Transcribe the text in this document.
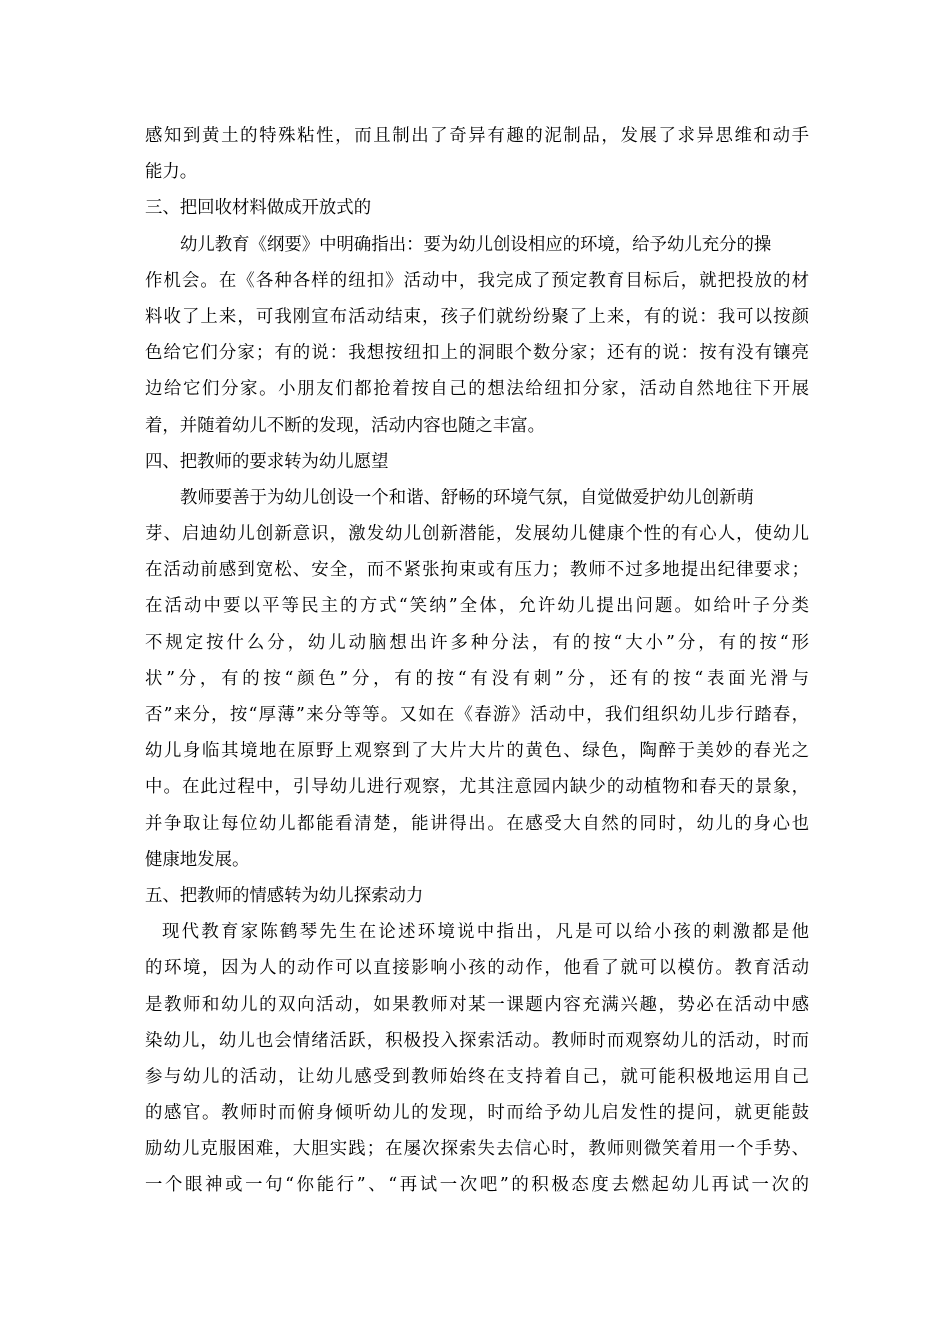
感知到黄土的特殊粘性，而且制出了奇异有趣的泥制品，发展了求异思维和动手
能力。
三、把回收材料做成开放式的
幼儿教育《纲要》中明确指出：要为幼儿创设相应的环境，给予幼儿充分的操
作机会。在《各种各样的纽扣》活动中，我完成了预定教育目标后，就把投放的材
料收了上来，可我刚宣布活动结束，孩子们就纷纷聚了上来，有的说：我可以按颜
色给它们分家；有的说：我想按纽扣上的洞眼个数分家；还有的说：按有没有镶亮
边给它们分家。小朋友们都抢着按自己的想法给纽扣分家，活动自然地往下开展
着，并随着幼儿不断的发现，活动内容也随之丰富。
四、把教师的要求转为幼儿愿望
教师要善于为幼儿创设一个和谐、舒畅的环境气氛，自觉做爱护幼儿创新萌
芽、启迪幼儿创新意识，激发幼儿创新潜能，发展幼儿健康个性的有心人，使幼儿
在活动前感到宽松、安全，而不紧张拘束或有压力；教师不过多地提出纪律要求；
在活动中要以平等民主的方式“笑纳”全体，允许幼儿提出问题。如给叶子分类
不规定按什么分，幼儿动脑想出许多种分法，有的按“大小”分，有的按“形
状”分，有的按“颜色”分，有的按“有没有刺”分，还有的按“表面光滑与
否”来分，按“厚薄”来分等等。又如在《春游》活动中，我们组织幼儿步行踏春，
幼儿身临其境地在原野上观察到了大片大片的黄色、绿色，陶醉于美妙的春光之
中。在此过程中，引导幼儿进行观察，尤其注意园内缺少的动植物和春天的景象，
并争取让每位幼儿都能看清楚，能讲得出。在感受大自然的同时，幼儿的身心也
健康地发展。
五、把教师的情感转为幼儿探索动力
现代教育家陈鹤琴先生在论述环境说中指出，凡是可以给小孩的刺激都是他
的环境，因为人的动作可以直接影响小孩的动作，他看了就可以模仿。教育活动
是教师和幼儿的双向活动，如果教师对某一课题内容充满兴趣，势必在活动中感
染幼儿，幼儿也会情绪活跃，积极投入探索活动。教师时而观察幼儿的活动，时而
参与幼儿的活动，让幼儿感受到教师始终在支持着自己，就可能积极地运用自己
的感官。教师时而俯身倾听幼儿的发现，时而给予幼儿启发性的提问，就更能鼓
励幼儿克服困难，大胆实践；在屡次探索失去信心时，教师则微笑着用一个手势、
一个眼神或一句“你能行”、“再试一次吧”的积极态度去燃起幼儿再试一次的
